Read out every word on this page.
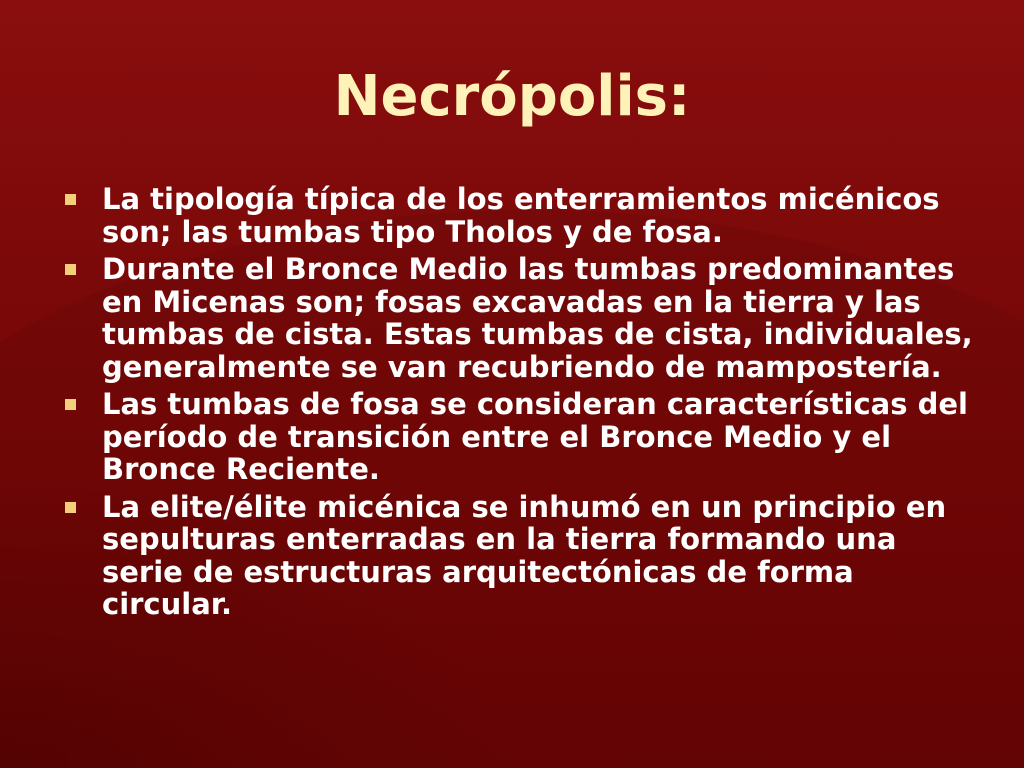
Necrópolis:
La tipología típica de los enterramientos micénicos son; las tumbas tipo Tholos y de fosa.
Durante el Bronce Medio las tumbas predominantes en Micenas son; fosas excavadas en la tierra y las tumbas de cista. Estas tumbas de cista, individuales, generalmente se van recubriendo de mampostería.
Las tumbas de fosa se consideran características del período de transición entre el Bronce Medio y el Bronce Reciente.
La elite/élite micénica se inhumó en un principio en sepulturas enterradas en la tierra formando una serie de estructuras arquitectónicas de forma circular.
